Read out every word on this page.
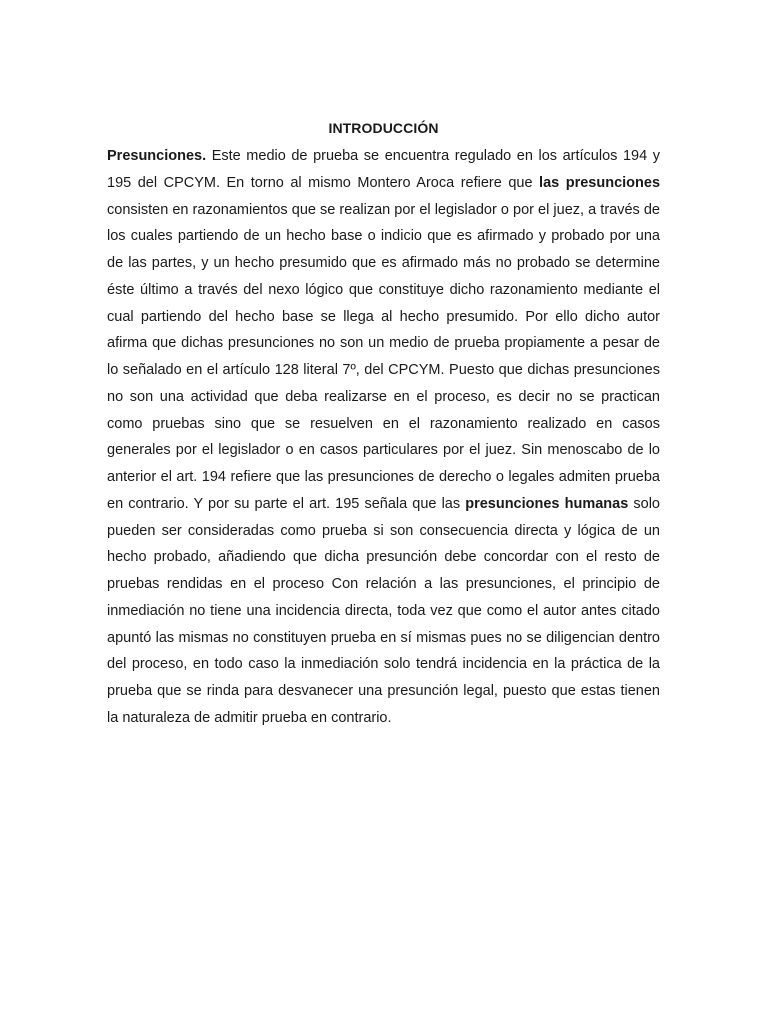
INTRODUCCIÓN

Presunciones. Este medio de prueba se encuentra regulado en los artículos 194 y 195 del CPCYM. En torno al mismo Montero Aroca refiere que las presunciones consisten en razonamientos que se realizan por el legislador o por el juez, a través de los cuales partiendo de un hecho base o indicio que es afirmado y probado por una de las partes, y un hecho presumido que es afirmado más no probado se determine éste último a través del nexo lógico que constituye dicho razonamiento mediante el cual partiendo del hecho base se llega al hecho presumido. Por ello dicho autor afirma que dichas presunciones no son un medio de prueba propiamente a pesar de lo señalado en el artículo 128 literal 7º, del CPCYM. Puesto que dichas presunciones no son una actividad que deba realizarse en el proceso, es decir no se practican como pruebas sino que se resuelven en el razonamiento realizado en casos generales por el legislador o en casos particulares por el juez. Sin menoscabo de lo anterior el art. 194 refiere que las presunciones de derecho o legales admiten prueba en contrario. Y por su parte el art. 195 señala que las presunciones humanas solo pueden ser consideradas como prueba si son consecuencia directa y lógica de un hecho probado, añadiendo que dicha presunción debe concordar con el resto de pruebas rendidas en el proceso Con relación a las presunciones, el principio de inmediación no tiene una incidencia directa, toda vez que como el autor antes citado apuntó las mismas no constituyen prueba en sí mismas pues no se diligencian dentro del proceso, en todo caso la inmediación solo tendrá incidencia en la práctica de la prueba que se rinda para desvanecer una presunción legal, puesto que estas tienen la naturaleza de admitir prueba en contrario.
